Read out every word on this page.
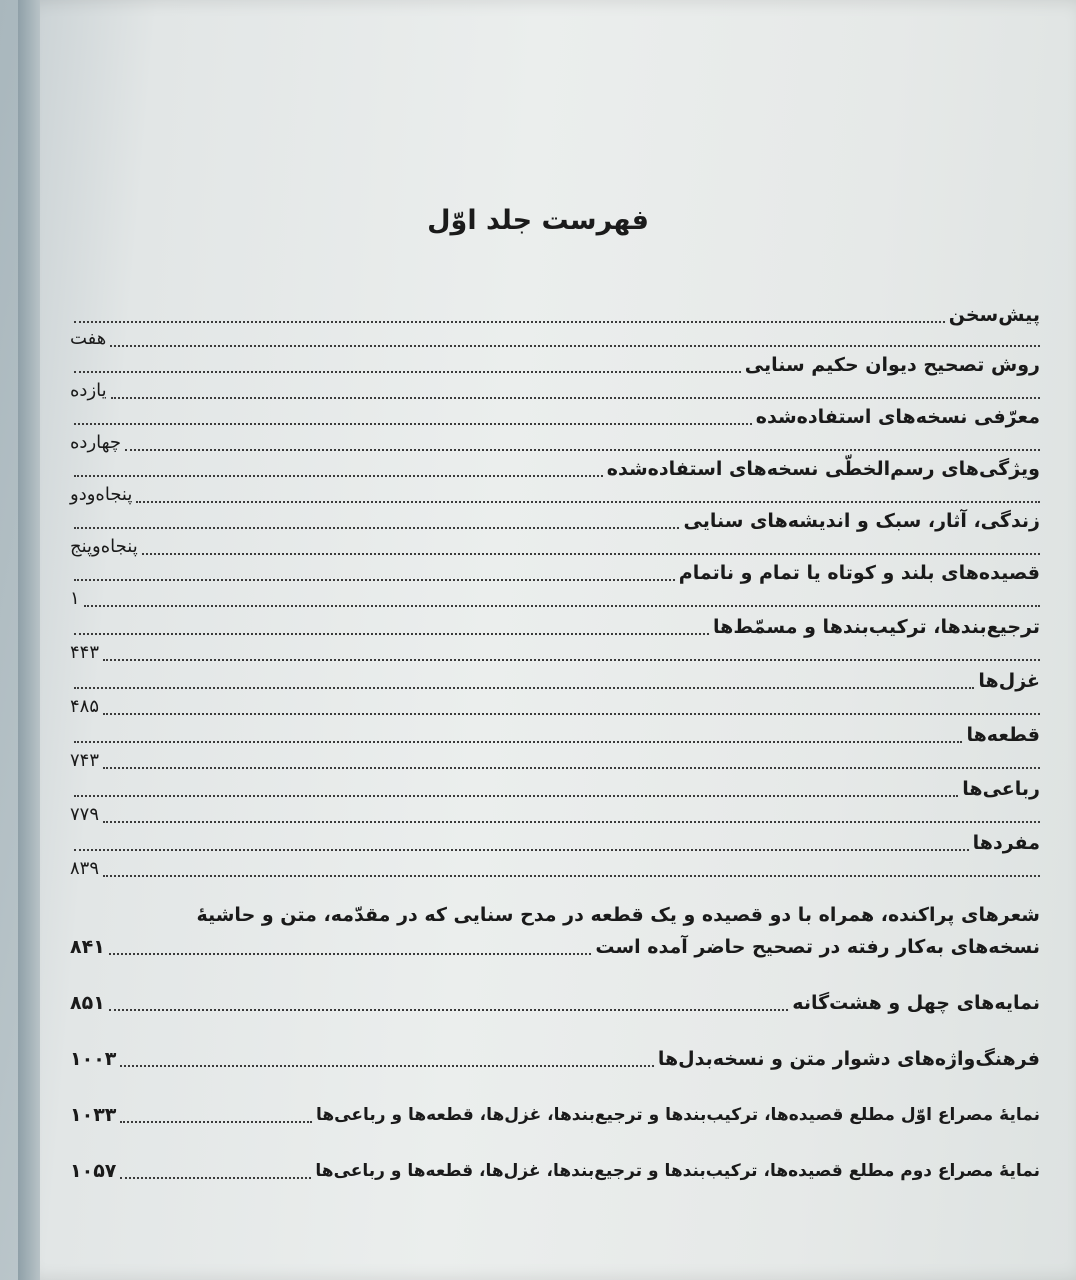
فهرست جلد اوّل
پیش‌سخن
هفت
روش تصحیح دیوان حکیم سنایی
یازده
معرّفی نسخه‌های استفاده‌شده
چهارده
ویژگی‌های رسم‌الخطّی نسخه‌های استفاده‌شده
پنجاه‌ودو
زندگی، آثار، سبک و اندیشه‌های سنایی
پنجاه‌وپنج
قصیده‌های بلند و کوتاه یا تمام و ناتمام
۱
ترجیع‌بندها، ترکیب‌بندها و مسمّط‌ها
۴۴۳
غزل‌ها
۴۸۵
قطعه‌ها
۷۴۳
رباعی‌ها
۷۷۹
مفردها
۸۳۹
شعرهای پراکنده، همراه با دو قصیده و یک قطعه در مدح سنایی که در مقدّمه، متن و حاشیهٔ
نسخه‌های به‌کار رفته در تصحیح حاضر آمده است
۸۴۱
نمایه‌های چهل و هشت‌گانه
۸۵۱
فرهنگ‌واژه‌های دشوار متن و نسخه‌بدل‌ها
۱۰۰۳
نمایهٔ مصراع اوّل مطلع قصیده‌ها، ترکیب‌بندها و ترجیع‌بندها، غزل‌ها، قطعه‌ها و رباعی‌ها
۱۰۳۳
نمایهٔ مصراع دوم مطلع قصیده‌ها، ترکیب‌بندها و ترجیع‌بندها، غزل‌ها، قطعه‌ها و رباعی‌ها
۱۰۵۷
